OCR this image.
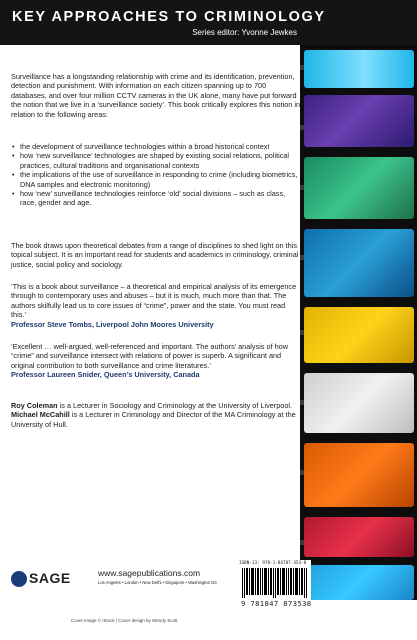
KEY APPROACHES TO CRIMINOLOGY
Series editor: Yvonne Jewkes

Surveillance has a longstanding relationship with crime and its identification, prevention, detection and punishment. With information on each citizen spanning up to 700 databases, and over four million CCTV cameras in the UK alone, many have put forward the notion that we live in a ‘surveillance society’. This book critically explores this notion in relation to the following areas:

• the development of surveillance technologies within a broad historical context
• how ‘new surveillance’ technologies are shaped by existing social relations, political practices, cultural traditions and organisational contexts
• the implications of the use of surveillance in responding to crime (including biometrics, DNA samples and electronic monitoring)
• how ‘new’ surveillance technologies reinforce ‘old’ social divisions – such as class, race, gender and age.

The book draws upon theoretical debates from a range of disciplines to shed light on this topical subject. It is an important read for students and academics in criminology, criminal justice, social policy and sociology.

‘This is a book about surveillance – a theoretical and empirical analysis of its emergence through to contemporary uses and abuses – but it is much, much more than that. The authors skilfully lead us to core issues of “crime”, power and the state. You must read this.’

Professor Steve Tombs, Liverpool John Moores University

‘Excellent … well-argued, well-referenced and important. The authors’ analysis of how “crime” and surveillance intersect with relations of power is superb. A significant and original contribution to both surveillance and crime literatures.’

Professor Laureen Snider, Queen’s University, Canada

Roy Coleman is a Lecturer in Sociology and Criminology at the University of Liverpool. Michael McCahill is a Lecturer in Criminology and Director of the MA Criminology at the University of Hull.

SAGE	www.sagepublications.com
Los Angeles • London • New Delhi • Singapore • Washington DC
Cover image © iStock | Cover design by Wendy Scott
ISBN-13: 978-1-84787-353-8
9 781847 873538
